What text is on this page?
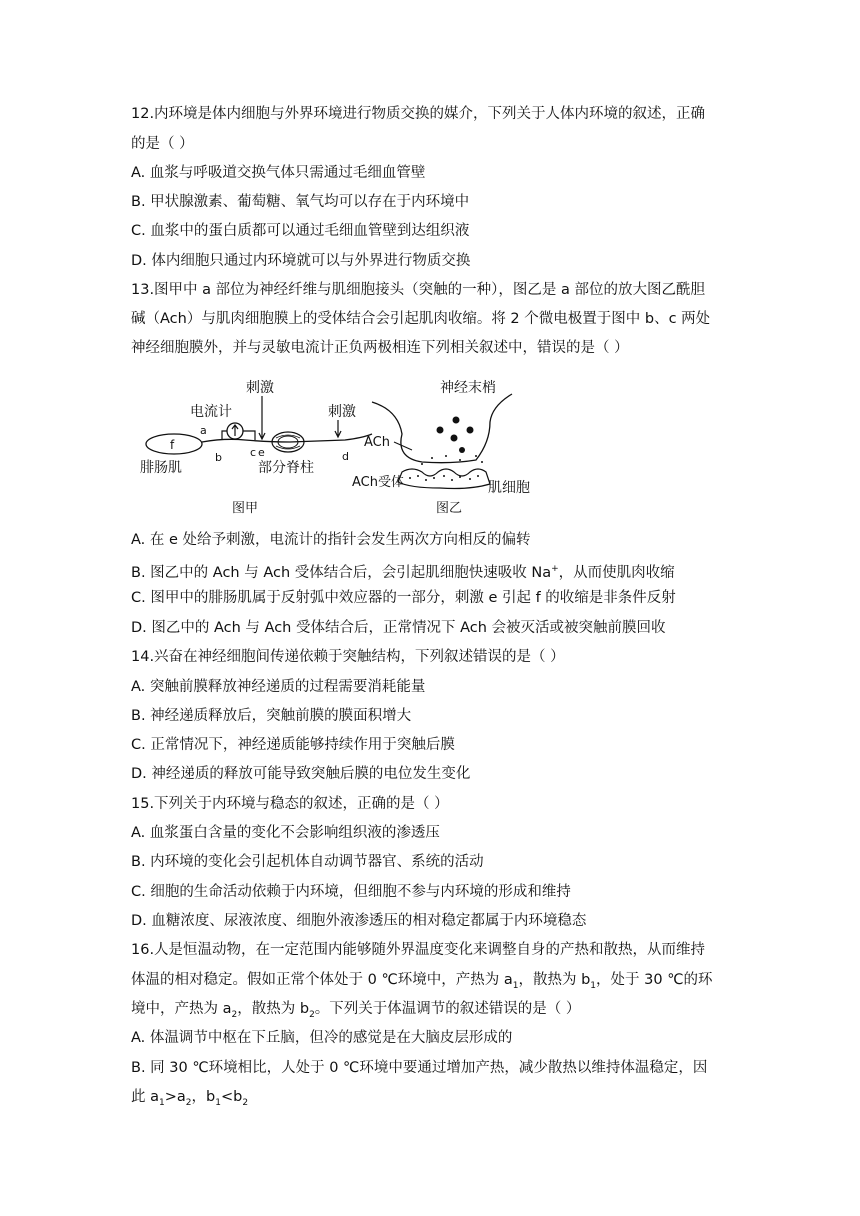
12.内环境是体内细胞与外界环境进行物质交换的媒介，下列关于人体内环境的叙述，正确
的是（ ）
A. 血浆与呼吸道交换气体只需通过毛细血管壁
B. 甲状腺激素、葡萄糖、氧气均可以存在于内环境中
C. 血浆中的蛋白质都可以通过毛细血管壁到达组织液
D. 体内细胞只通过内环境就可以与外界进行物质交换
13.图甲中 a 部位为神经纤维与肌细胞接头（突触的一种），图乙是 a 部位的放大图乙酰胆
碱（Ach）与肌肉细胞膜上的受体结合会引起肌肉收缩。将 2 个微电极置于图中 b、c 两处
神经细胞膜外，并与灵敏电流计正负两极相连下列相关叙述中，错误的是（ ）
f
a
b
电流计
刺激
c e
刺激
d
腓肠肌	部分脊柱
图甲
神经末梢
ACh
ACh受体	肌细胞
图乙
A. 在 e 处给予刺激，电流计的指针会发生两次方向相反的偏转
B. 图乙中的 Ach 与 Ach 受体结合后，会引起肌细胞快速吸收 Na+，从而使肌肉收缩
C. 图甲中的腓肠肌属于反射弧中效应器的一部分，刺激 e 引起 f 的收缩是非条件反射
D. 图乙中的 Ach 与 Ach 受体结合后，正常情况下 Ach 会被灭活或被突触前膜回收
14.兴奋在神经细胞间传递依赖于突触结构，下列叙述错误的是（ ）
A. 突触前膜释放神经递质的过程需要消耗能量
B. 神经递质释放后，突触前膜的膜面积增大
C. 正常情况下，神经递质能够持续作用于突触后膜
D. 神经递质的释放可能导致突触后膜的电位发生变化
15.下列关于内环境与稳态的叙述，正确的是（ ）
A. 血浆蛋白含量的变化不会影响组织液的渗透压
B. 内环境的变化会引起机体自动调节器官、系统的活动
C. 细胞的生命活动依赖于内环境，但细胞不参与内环境的形成和维持
D. 血糖浓度、尿液浓度、细胞外液渗透压的相对稳定都属于内环境稳态
16.人是恒温动物，在一定范围内能够随外界温度变化来调整自身的产热和散热，从而维持
体温的相对稳定。假如正常个体处于 0 ℃环境中，产热为 $a_1$，散热为 $b_1$，处于 30 ℃的环
境中，产热为 $a_2$，散热为 $b_2$。下列关于体温调节的叙述错误的是（ ）
A. 体温调节中枢在下丘脑，但冷的感觉是在大脑皮层形成的
B. 同 30 ℃环境相比，人处于 0 ℃环境中要通过增加产热，减少散热以维持体温稳定，因
此 $a_1>a_2$，$b_1<b_2$
